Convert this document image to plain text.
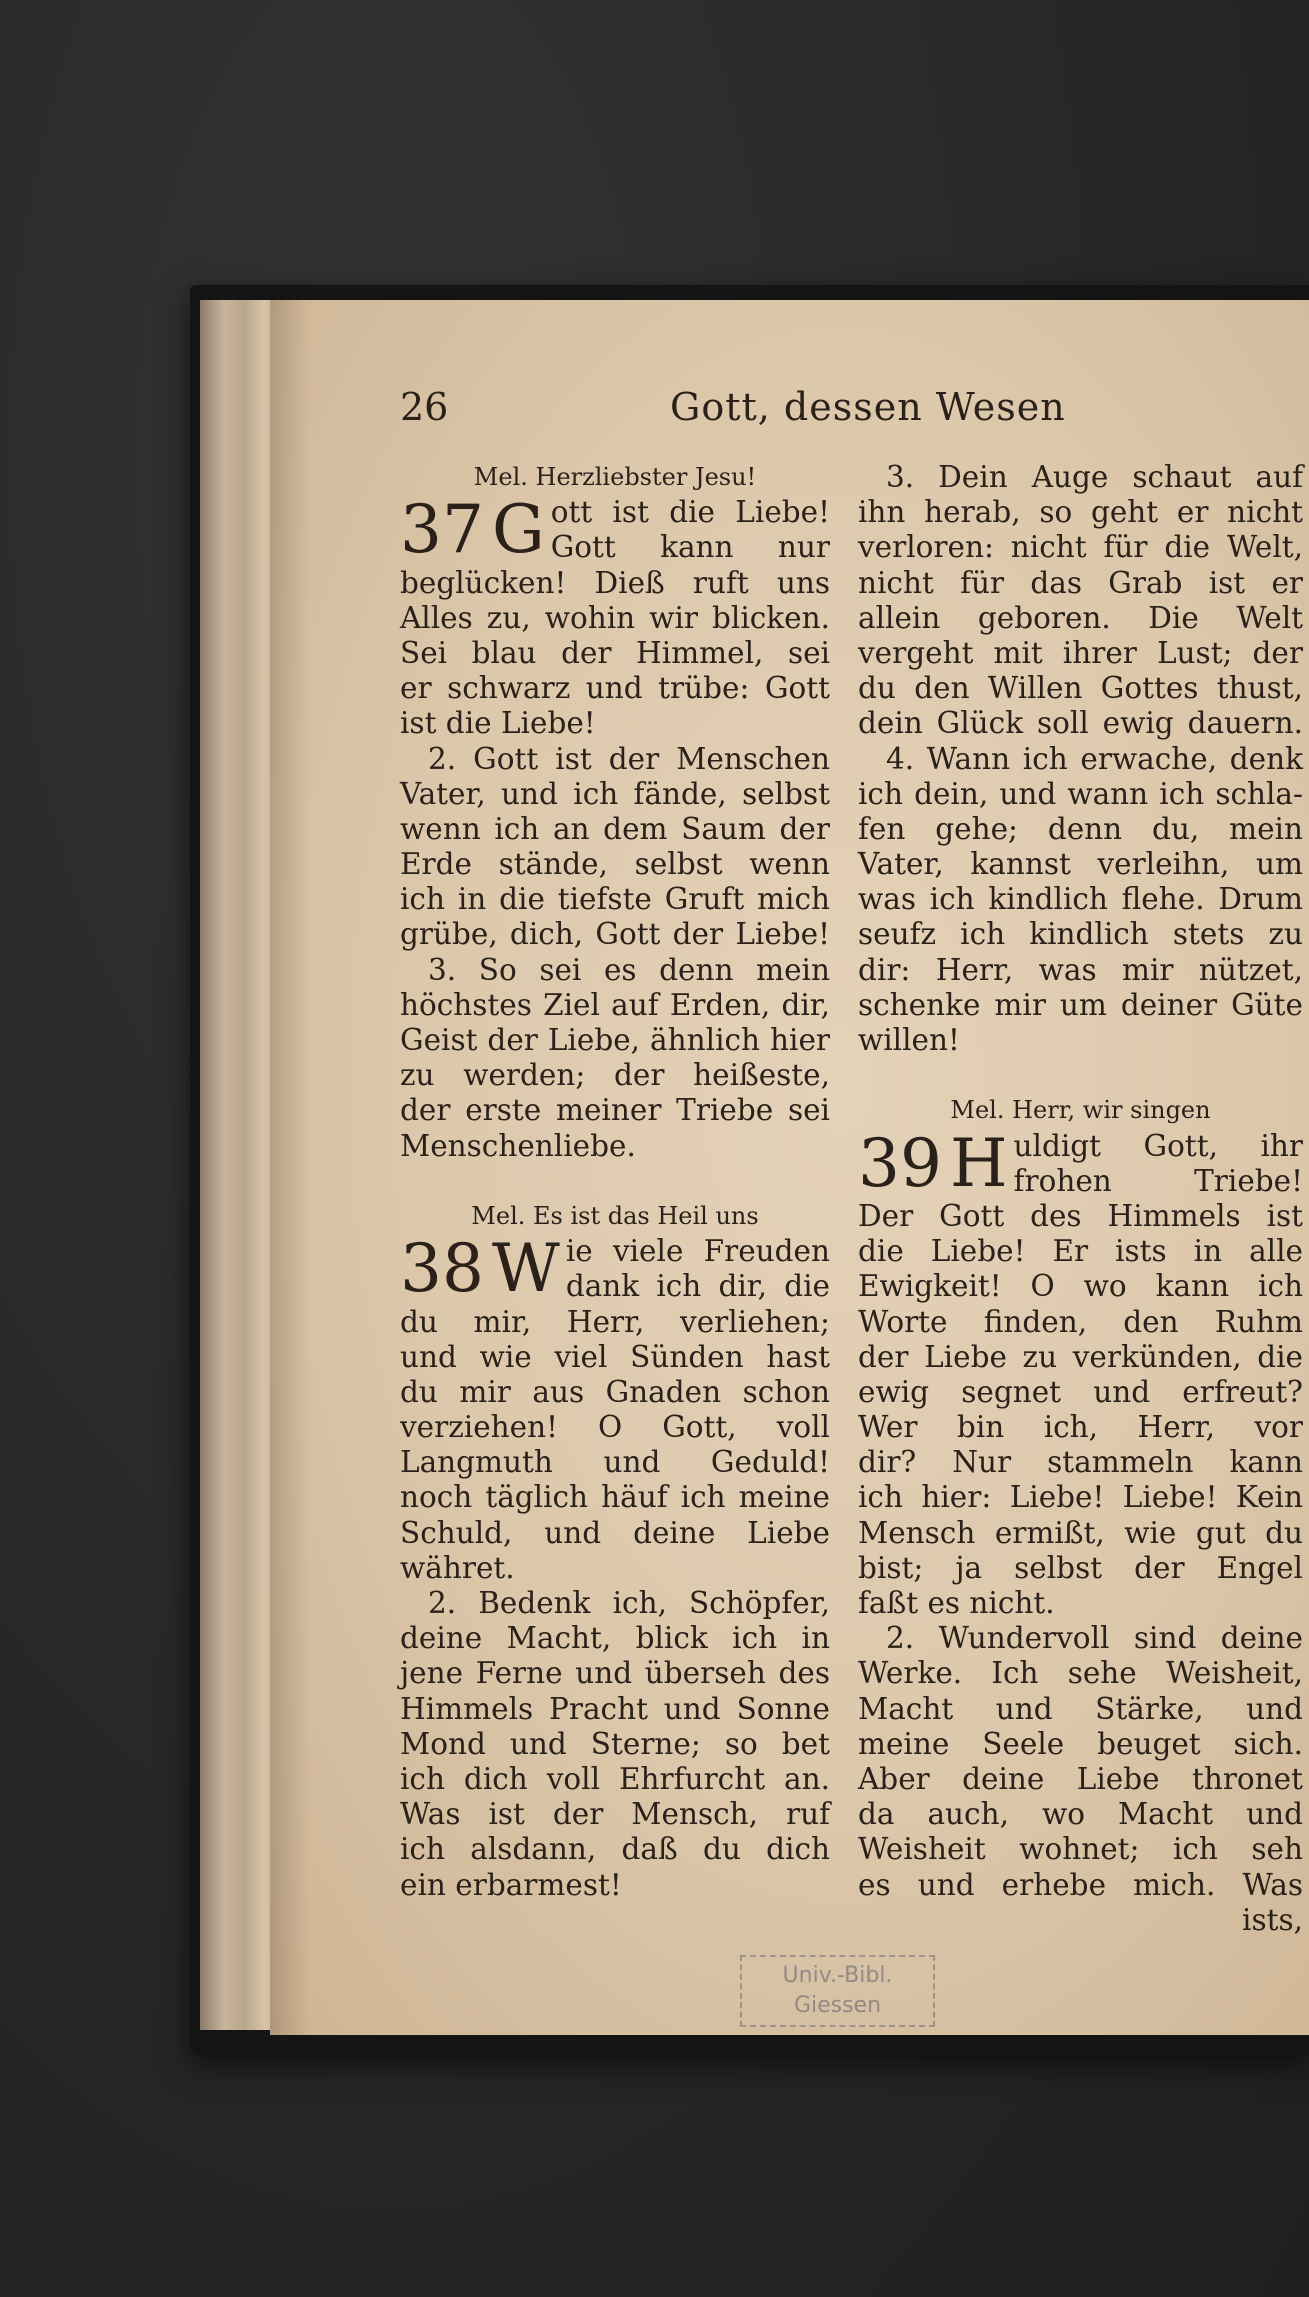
26	Gott, dessen Wesen
Mel. Herzliebster Jesu!
37 G ott ist die Liebe!
Gott kann nur
beglücken! Dieß ruft uns
Alles zu, wohin wir blicken.
Sei blau der Himmel, sei
er schwarz und trübe: Gott
ist die Liebe!
2. Gott ist der Menschen
Vater, und ich fände, selbst
wenn ich an dem Saum der
Erde stände, selbst wenn
ich in die tiefste Gruft mich
grübe, dich, Gott der Liebe!
3. So sei es denn mein
höchstes Ziel auf Erden, dir,
Geist der Liebe, ähnlich hier
zu werden; der heißeste,
der erste meiner Triebe sei
Menschenliebe.
Mel. Es ist das Heil uns
38 W ie viele Freuden
dank ich dir, die
du mir, Herr, verliehen;
und wie viel Sünden hast
du mir aus Gnaden schon
verziehen! O Gott, voll
Langmuth und Geduld!
noch täglich häuf ich meine
Schuld, und deine Liebe
währet.
2. Bedenk ich, Schöpfer,
deine Macht, blick ich in
jene Ferne und überseh des
Himmels Pracht und Sonne
Mond und Sterne; so bet
ich dich voll Ehrfurcht an.
Was ist der Mensch, ruf
ich alsdann, daß du dich
ein erbarmest!
3. Dein Auge schaut auf
ihn herab, so geht er nicht
verloren: nicht für die Welt,
nicht für das Grab ist er
allein geboren. Die Welt
vergeht mit ihrer Lust; der
du den Willen Gottes thust,
dein Glück soll ewig dauern.
4. Wann ich erwache, denk
ich dein, und wann ich schla-
fen gehe; denn du, mein
Vater, kannst verleihn, um
was ich kindlich flehe. Drum
seufz ich kindlich stets zu
dir: Herr, was mir nützet,
schenke mir um deiner Güte
willen!
Mel. Herr, wir singen
39 H uldigt Gott, ihr
frohen Triebe!
Der Gott des Himmels ist
die Liebe! Er ists in alle
Ewigkeit! O wo kann ich
Worte finden, den Ruhm
der Liebe zu verkünden, die
ewig segnet und erfreut?
Wer bin ich, Herr, vor
dir? Nur stammeln kann
ich hier: Liebe! Liebe! Kein
Mensch ermißt, wie gut du
bist; ja selbst der Engel
faßt es nicht.
2. Wundervoll sind deine
Werke. Ich sehe Weisheit,
Macht und Stärke, und
meine Seele beuget sich.
Aber deine Liebe thronet
da auch, wo Macht und
Weisheit wohnet; ich seh
es und erhebe mich. Was
ists,
Univ.-Bibl.
Giessen
